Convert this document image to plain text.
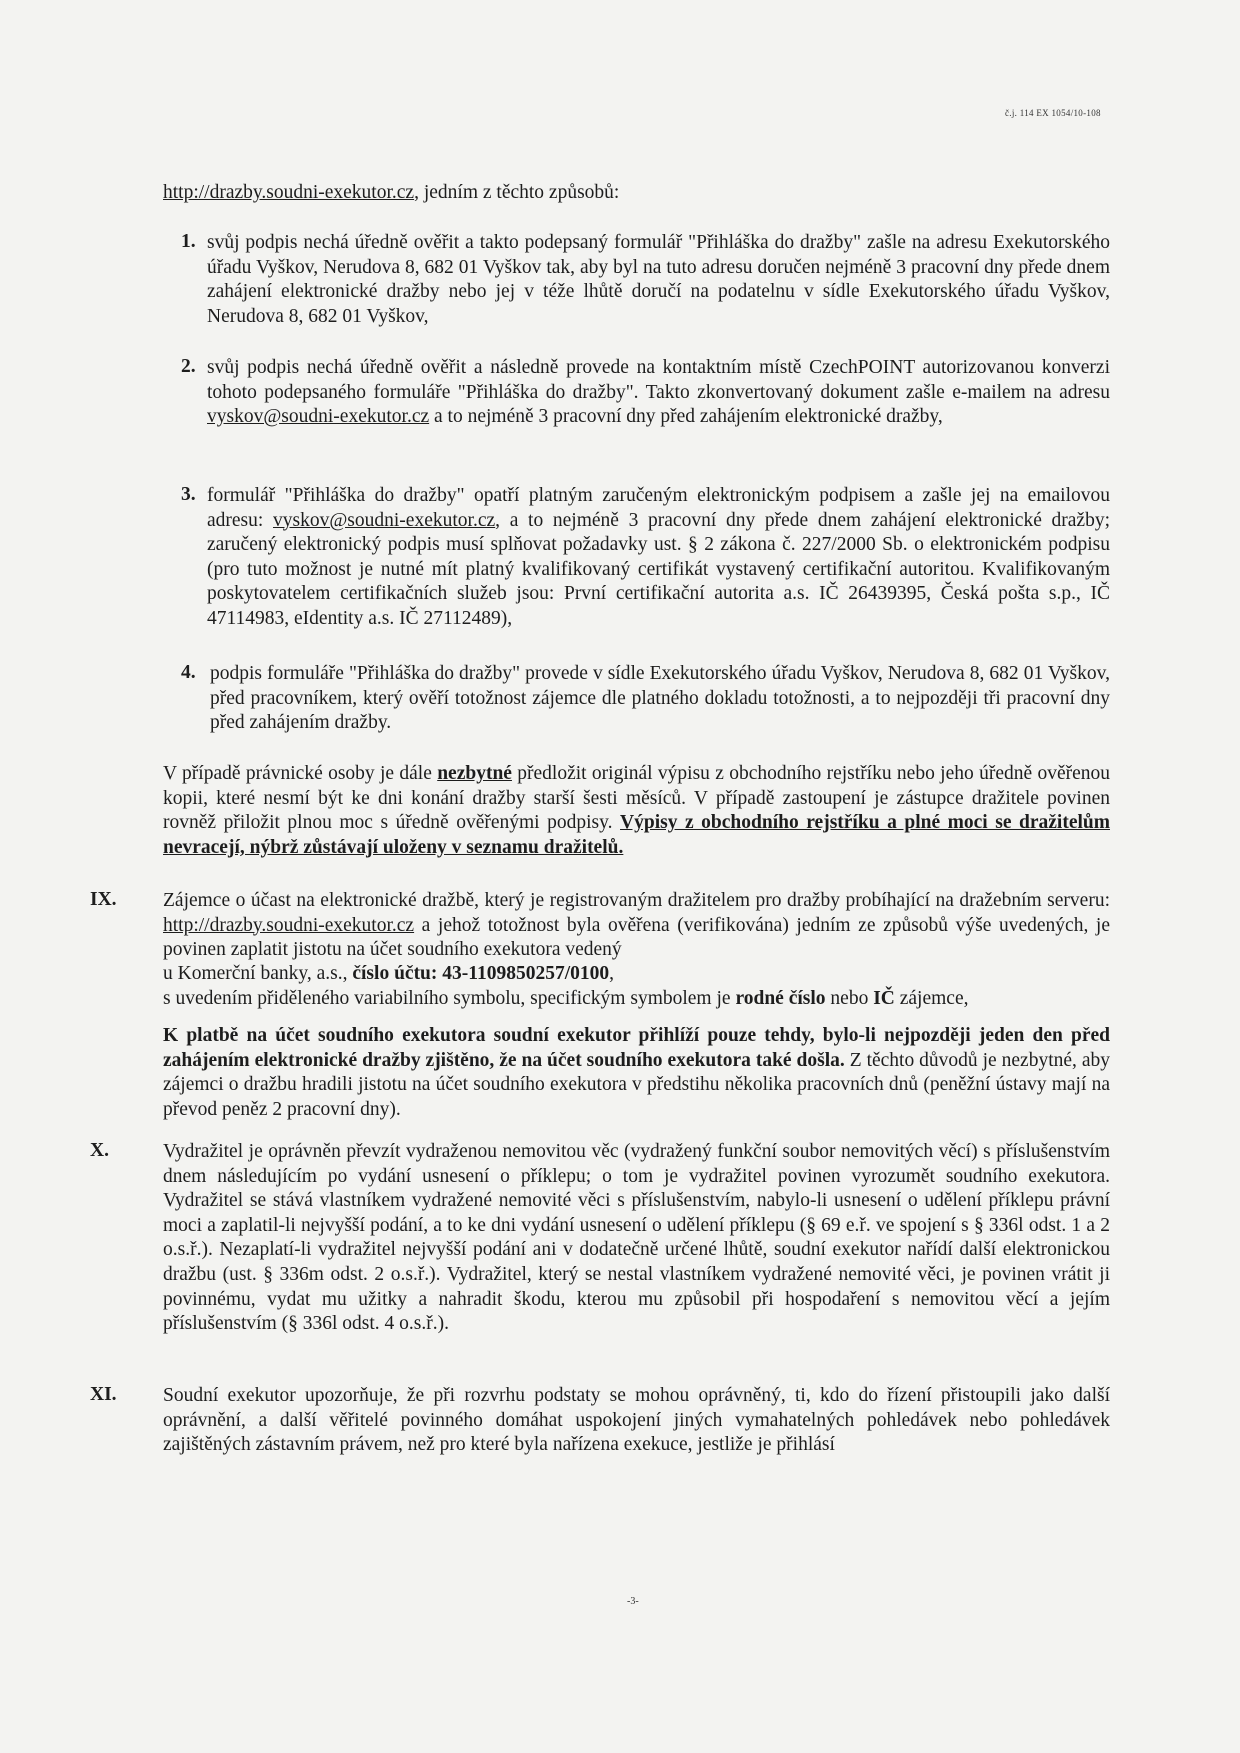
č.j. 114 EX 1054/10-108
http://drazby.soudni-exekutor.cz, jedním z těchto způsobů:
1. svůj podpis nechá úředně ověřit a takto podepsaný formulář "Přihláška do dražby" zašle na adresu Exekutorského úřadu Vyškov, Nerudova 8, 682 01 Vyškov tak, aby byl na tuto adresu doručen nejméně 3 pracovní dny přede dnem zahájení elektronické dražby nebo jej v téže lhůtě doručí na podatelnu v sídle Exekutorského úřadu Vyškov, Nerudova 8, 682 01 Vyškov,
2. svůj podpis nechá úředně ověřit a následně provede na kontaktním místě CzechPOINT autorizovanou konverzi tohoto podepsaného formuláře "Přihláška do dražby". Takto zkonvertovaný dokument zašle e-mailem na adresu vyskov@soudni-exekutor.cz a to nejméně 3 pracovní dny před zahájením elektronické dražby,
3. formulář "Přihláška do dražby" opatří platným zaručeným elektronickým podpisem a zašle jej na emailovou adresu: vyskov@soudni-exekutor.cz, a to nejméně 3 pracovní dny přede dnem zahájení elektronické dražby; zaručený elektronický podpis musí splňovat požadavky ust. § 2 zákona č. 227/2000 Sb. o elektronickém podpisu (pro tuto možnost je nutné mít platný kvalifikovaný certifikát vystavený certifikační autoritou. Kvalifikovaným poskytovatelem certifikačních služeb jsou: První certifikační autorita a.s. IČ 26439395, Česká pošta s.p., IČ 47114983, eIdentity a.s. IČ 27112489),
4. podpis formuláře "Přihláška do dražby" provede v sídle Exekutorského úřadu Vyškov, Nerudova 8, 682 01 Vyškov, před pracovníkem, který ověří totožnost zájemce dle platného dokladu totožnosti, a to nejpozději tři pracovní dny před zahájením dražby.
V případě právnické osoby je dále nezbytné předložit originál výpisu z obchodního rejstříku nebo jeho úředně ověřenou kopii, které nesmí být ke dni konání dražby starší šesti měsíců. V případě zastoupení je zástupce dražitele povinen rovněž přiložit plnou moc s úředně ověřenými podpisy. Výpisy z obchodního rejstříku a plné moci se dražitelům nevracejí, nýbrž zůstávají uloženy v seznamu dražitelů.
IX. Zájemce o účast na elektronické dražbě, který je registrovaným dražitelem pro dražby probíhající na dražebním serveru: http://drazby.soudni-exekutor.cz a jehož totožnost byla ověřena (verifikována) jedním ze způsobů výše uvedených, je povinen zaplatit jistotu na účet soudního exekutora vedený
u Komerční banky, a.s., číslo účtu: 43-1109850257/0100,
s uvedením přiděleného variabilního symbolu, specifickým symbolem je rodné číslo nebo IČ zájemce,
K platbě na účet soudního exekutora soudní exekutor přihlíží pouze tehdy, bylo-li nejpozději jeden den před zahájením elektronické dražby zjištěno, že na účet soudního exekutora také došla. Z těchto důvodů je nezbytné, aby zájemci o dražbu hradili jistotu na účet soudního exekutora v předstihu několika pracovních dnů (peněžní ústavy mají na převod peněz 2 pracovní dny).
X.	Vydražitel je oprávněn převzít vydraženou nemovitou věc (vydražený funkční soubor nemovitých věcí) s příslušenstvím dnem následujícím po vydání usnesení o příklepu; o tom je vydražitel povinen vyrozumět soudního exekutora. Vydražitel se stává vlastníkem vydražené nemovité věci s příslušenstvím, nabylo-li usnesení o udělení příklepu právní moci a zaplatil-li nejvyšší podání, a to ke dni vydání usnesení o udělení příklepu (§ 69 e.ř. ve spojení s § 336l odst. 1 a 2 o.s.ř.). Nezaplatí-li vydražitel nejvyšší podání ani v dodatečně určené lhůtě, soudní exekutor nařídí další elektronickou dražbu (ust. § 336m odst. 2 o.s.ř.). Vydražitel, který se nestal vlastníkem vydražené nemovité věci, je povinen vrátit ji povinnému, vydat mu užitky a nahradit škodu, kterou mu způsobil při hospodaření s nemovitou věcí a jejím příslušenstvím (§ 336l odst. 4 o.s.ř.).
XI. Soudní exekutor upozorňuje, že při rozvrhu podstaty se mohou oprávněný, ti, kdo do řízení přistoupili jako další oprávnění, a další věřitelé povinného domáhat uspokojení jiných vymahatelných pohledávek nebo pohledávek zajištěných zástavním právem, než pro které byla nařízena exekuce, jestliže je přihlásí
-3-
